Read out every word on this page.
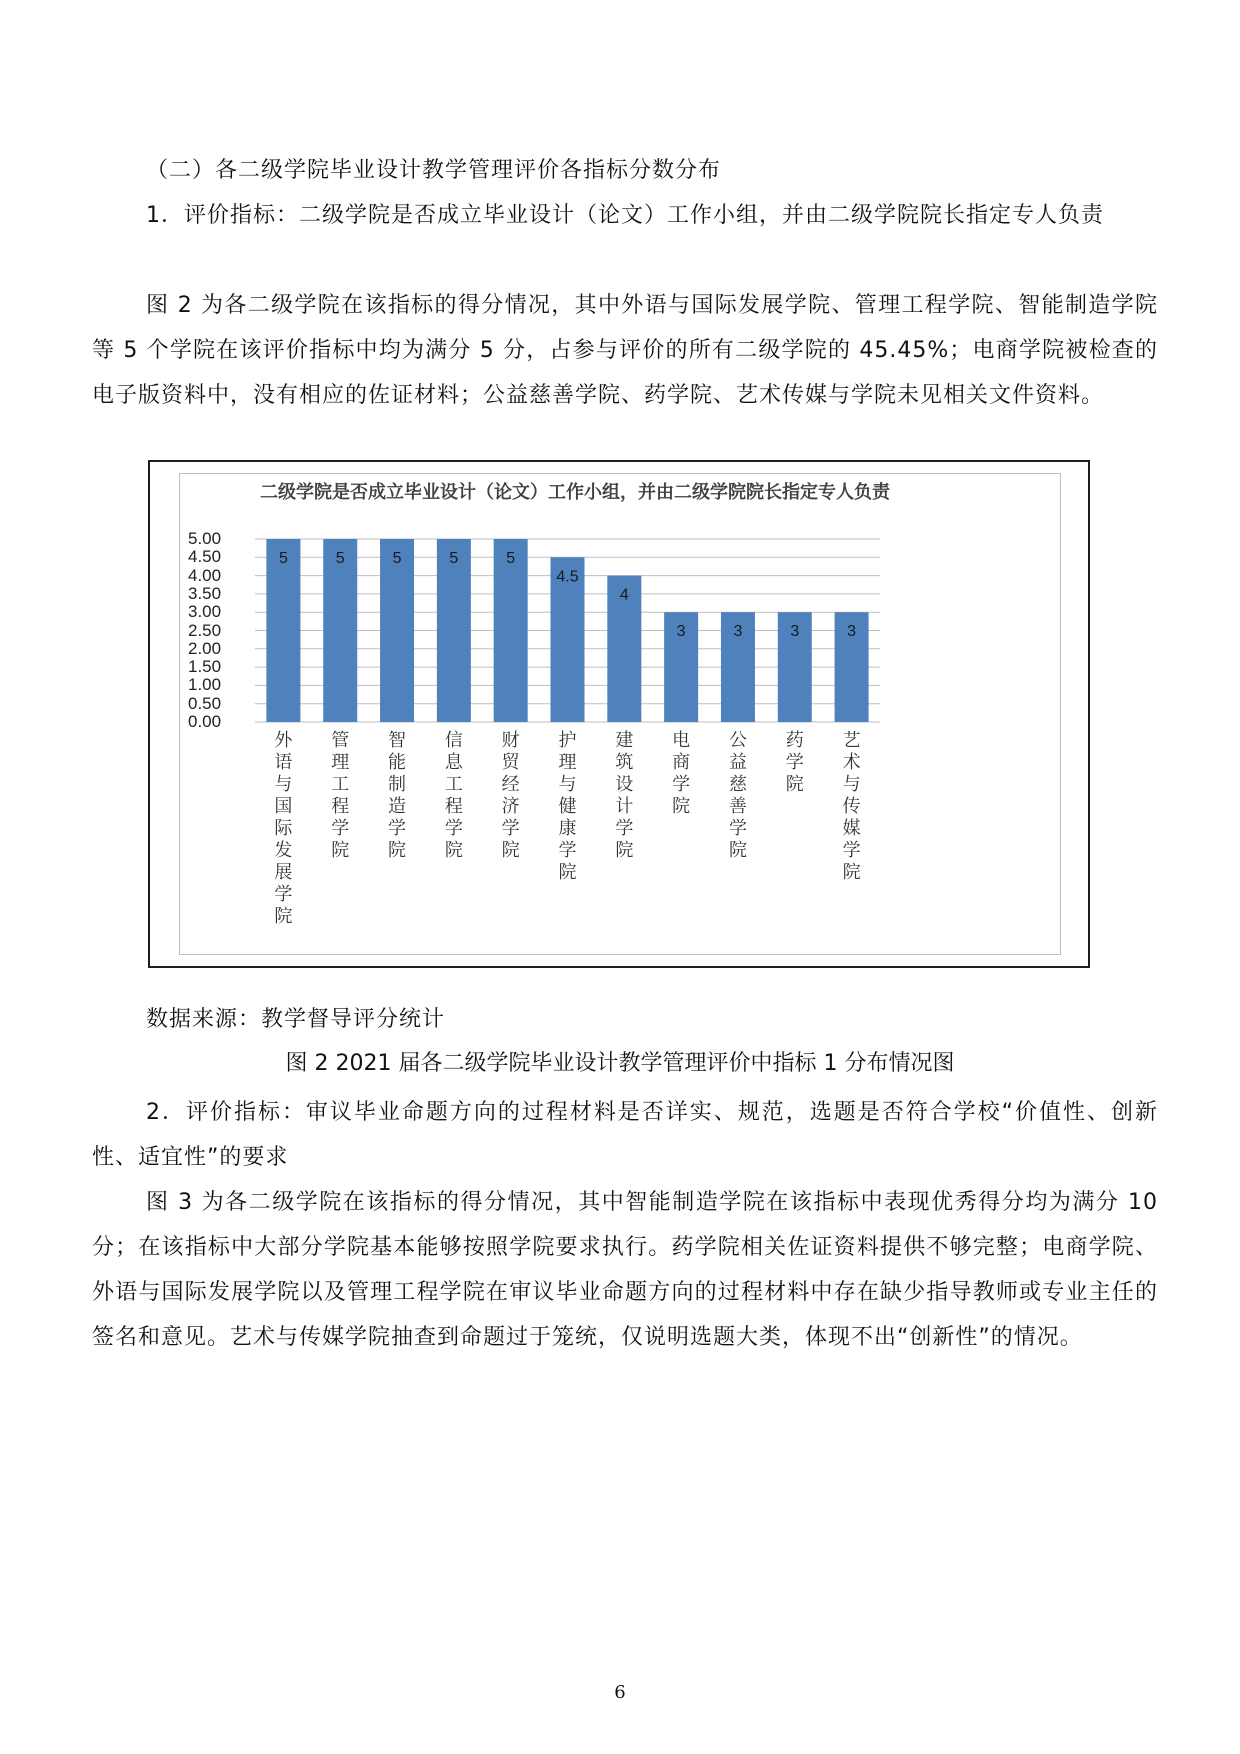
（二）各二级学院毕业设计教学管理评价各指标分数分布

1．评价指标：二级学院是否成立毕业设计（论文）工作小组，并由二级学院院长指定专人负责

图 2 为各二级学院在该指标的得分情况，其中外语与国际发展学院、管理工程学院、智能制造学院等 5 个学院在该评价指标中均为满分 5 分，占参与评价的所有二级学院的 45.45%；电商学院被检查的电子版资料中，没有相应的佐证材料；公益慈善学院、药学院、艺术传媒与学院未见相关文件资料。

二级学院是否成立毕业设计（论文）工作小组，并由二级学院院长指定专人负责
5	5	5	5	5
4.5
4
3	3	3	3
外语与国际发展学院
管理工程学院
智能制造学院
信息工程学院
财贸经济学院
护理与健康学院
建筑设计学院
电商学院
公益慈善学院
药学院
艺术与传媒学院
0.00
0.50
1.00
1.50
2.00
2.50
3.00
3.50
4.00
4.50
5.00
数据来源：教学督导评分统计
图 2 2021 届各二级学院毕业设计教学管理评价中指标 1 分布情况图

2．评价指标：审议毕业命题方向的过程材料是否详实、规范，选题是否符合学校“价值性、创新性、适宜性”的要求

图 3 为各二级学院在该指标的得分情况，其中智能制造学院在该指标中表现优秀得分均为满分 10 分；在该指标中大部分学院基本能够按照学院要求执行。药学院相关佐证资料提供不够完整；电商学院、外语与国际发展学院以及管理工程学院在审议毕业命题方向的过程材料中存在缺少指导教师或专业主任的签名和意见。艺术与传媒学院抽查到命题过于笼统，仅说明选题大类，体现不出“创新性”的情况。

6
